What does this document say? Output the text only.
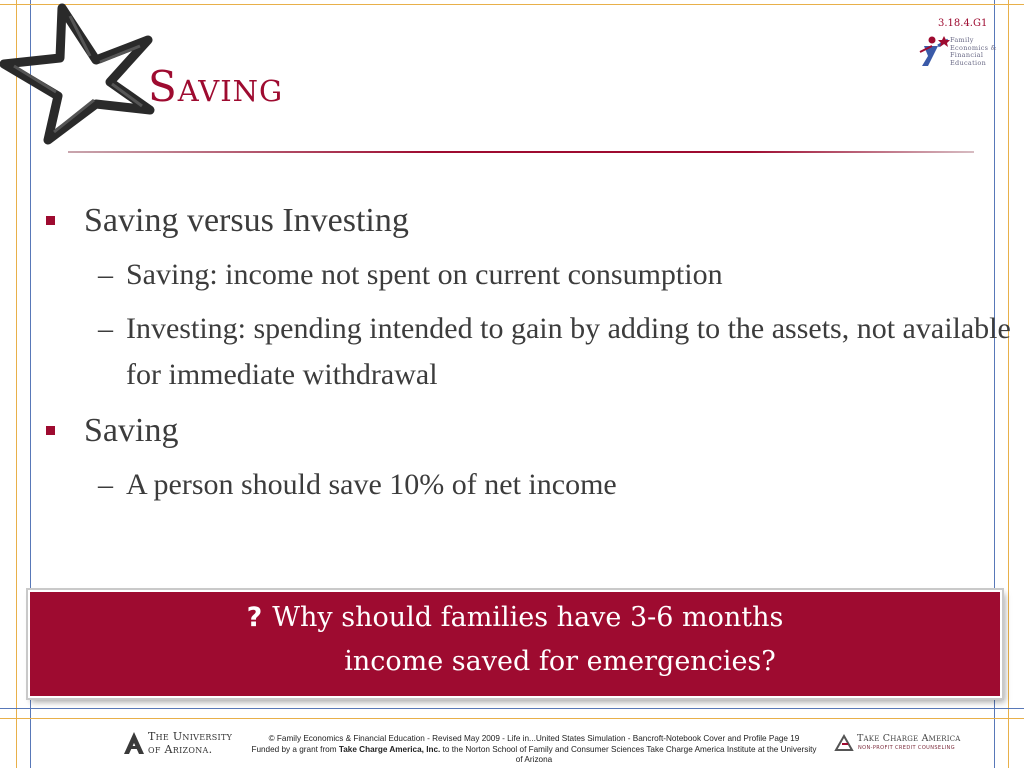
Saving
3.18.4.G1
Family
Economics &
Financial
Education
Saving versus Investing
– Saving: income not spent on current consumption
– Investing: spending intended to gain by adding to the assets, not available for immediate withdrawal
Saving
– A person should save 10% of net income
? Why should families have 3-6 months
income saved for emergencies?
The University
of Arizona.
© Family Economics & Financial Education - Revised May 2009 - Life in...United States Simulation - Bancroft-Notebook Cover and Profile Page 19
Funded by a grant from Take Charge America, Inc. to the Norton School of Family and Consumer Sciences Take Charge America Institute at the University
of Arizona
Take Charge America
NON-PROFIT CREDIT COUNSELING
